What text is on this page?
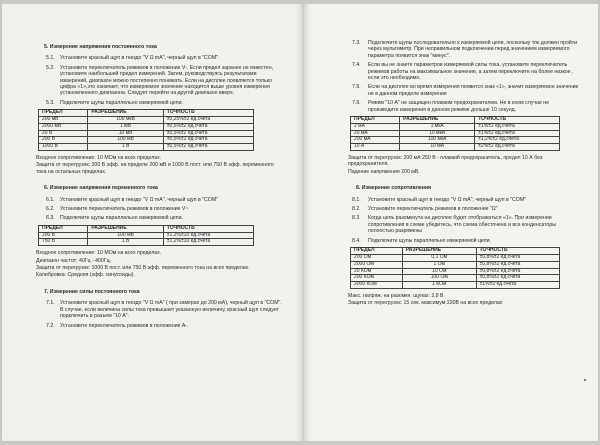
5. Измерение напряжения постоянного тока
5.1.	Установите красный щуп в гнездо "V Ω mA", черный щуп в "COM"
5.2.	Установите переключатель режимов в положение V-. Если предел заранее не известен, установите наибольший предел измерений. Затем, руководствуясь результатами измерений, диапазон можно постепенно понижать. Если на дисплее появляется только цифра «1»,это означает, что измеряемое значение находится выше уровня измерения установленного диапазона. Следует перейти на другой диапазон вверх.
5.3.	Подключите щупы параллельно измеряемой цепи.
ПРЕДЕЛ	РАЗРЕШЕНИЕ	ТОЧНОСТЬ
200 мВ	100 мкВ	±0,25%±2 ед.счета
2000 мВ	1 мВ	±0,5%±2 ед.счета
20 В	10 мВ	±0,5%±2 ед.счета
200 В	100 мВ	±0,5%±2 ед.счета
1000 В	1 В	±0,5%±2 ед.счета
Входное сопротивление: 10 МОм на всех пределах.
Защита от перегрузок: 200 В эфф. на пределе 200 мВ и 1000 В пост. или 750 В эфф. переменного тока на остальных пределах.
6. Измерение напряжения переменного тока
6.1.	Установите красный щуп в гнездо "V Ω mA", черный щуп в "COM"
6.2.	Установите переключатель режимов в положение V~
6.3.	Подключите щупы параллельно измеряемой цепи.
ПРЕДЕЛ	РАЗРЕШЕНИЕ	ТОЧНОСТЬ
200 В	100 мВ	±1,2%±10 ед.счета
750 В	1 В	±1,2%±10 ед.счета
Входное сопротивление: 10 МОм на всех пределах.
Диапазон частот: 40Гц - 400Гц.
Защита от перегрузок: 1000 В пост. или 750 В эфф. переменного тока на всех пределах.
Калибровка: Средняя (эфф. синусоиды).
7. Измерение силы постоянного тока
7.1.	Установите красный щуп в гнездо "V Ω mA" ( при замерах до 200 мА), черный щуп в "COM". В случае, если величина силы тока превышает указанную величину, красный щуп следует подключить в разъем "10 A".
7.2.	Установите переключатель режимов в положение A-.
7.3.	Подключите щупы последовательно к измеряемой цепи, поскольку ток должен пройти через мультиметр. При неправильном подключении перед значением измеряемого параметра появится знак "минус".
7.4.	Если вы не знаете параметров измеряемой силы тока, установите переключатель режимов работы на максимальное значение, а затем переключите на более низкое , если это необходимо.
7.5.	Если на дисплее во время измерения появится знак «1», значит измеряемое значение не в данном пределе измерения
7.6.	Режим "10 А" не защищен плавким предохранителем. Не в коем случае не производите измерения в данном режиме дольше 10 секунд.
ПРЕДЕЛ	РАЗРЕШЕНИЕ	ТОЧНОСТЬ
2 мА	1 мкА	±1%±2 ед.счета
20 мА	10 мкА	±1%±2 ед.счета
200 мА	100 мкА	±1,2%±2 ед.счета
10 А	10 мА	±2%±2 ед.счета
Защита от перегрузок: 200 мА 250 В - плавкий предохранитель, предел 10 А без предохранителя.
Падение напряжения 200 мВ.
8. Измерение сопротивления
8.1.	Установите красный щуп в гнездо "V Ω mA", черный щуп в "COM"
8.2.	Установите переключатель режимов в положение "Ω"
8.3.	Когда цепь разомкнута на дисплее будет отображаться «1». При измерении сопротивления в схеме убедитесь, что схема обесточена и все конденсаторы полностью разряжены
8.4.	Подключите щупы параллельно измеряемой цепи.
ПРЕДЕЛ	РАЗРЕШЕНИЕ	ТОЧНОСТЬ
200 Ом	0,1 Ом	±0,8%±2 ед.счета
2000 Ом	1 Ом	±0,8%±2 ед.счета
20 КОм	10 Ом	±0,8%±2 ед.счета
200 КОм	100 Ом	±0,8%±2 ед.счета
2000 КОм	1 КОм	±1%±2 ед.счета
Макс. напряж. на разомкн. щупах: 2,8 В
Защита от перегрузок: 15 сек. максимум 220В на всех пределах
